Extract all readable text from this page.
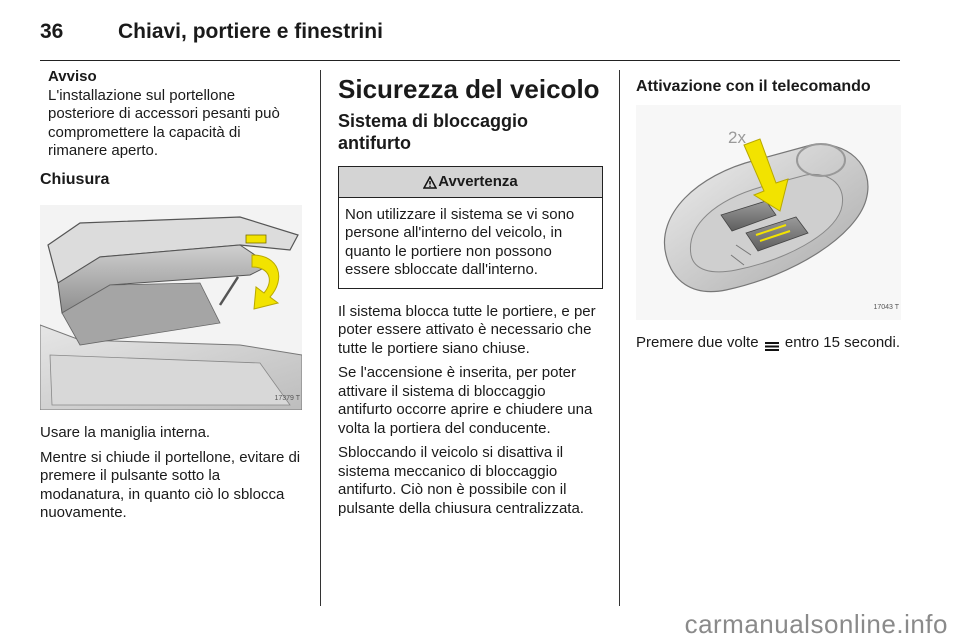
36	Chiavi, portiere e finestrini
Avviso
L'installazione sul portellone posteriore di accessori pesanti può compromettere la capacità di rimanere aperto.
Chiusura
17379 T

Usare la maniglia interna.

Mentre si chiude il portellone, evitare di premere il pulsante sotto la modanatura, in quanto ciò lo sblocca nuovamente.

Sicurezza del veicolo
Sistema di bloccaggio antifurto
Avvertenza
Non utilizzare il sistema se vi sono persone all'interno del veicolo, in quanto le portiere non possono essere sbloccate dall'interno.

Il sistema blocca tutte le portiere, e per poter essere attivato è necessario che tutte le portiere siano chiuse.

Se l'accensione è inserita, per poter attivare il sistema di bloccaggio antifurto occorre aprire e chiudere una volta la portiera del conducente.

Sbloccando il veicolo si disattiva il sistema meccanico di bloccaggio antifurto. Ciò non è possibile con il pulsante della chiusura centralizzata.

Attivazione con il telecomando
2x
17043 T

Premere due volte entro 15 secondi.

carmanualsonline.info
